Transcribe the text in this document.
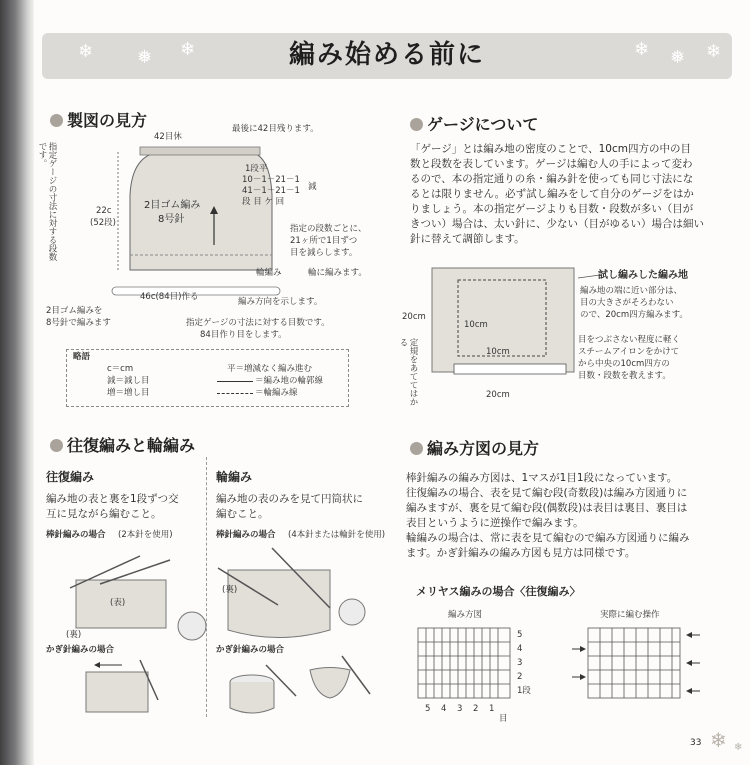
❄ ❅ ❄	❄ ❅ ❄
編み始める前に
製図の見方
42目休
最後に42目残ります。
1段平
10－1－21－1
41－1－21－1
段 目 ケ 回
減
指定ゲージの寸法に対する段数です。
22c
(52段)
2目ゴム編み
8号針
指定の段数ごとに、
21ヶ所で1目ずつ
目を減らします。
輪編み	輪に編みます。
46c(84目)作る	編み方向を示します。
2目ゴム編みを
8号針で編みます	指定ゲージの寸法に対する目数です。
84目作り目をします。
略語
c＝cm
減＝減し目
増＝増し目
平＝増減なく編み進む
＝編み地の輪郭線
＝輪編み線
ゲージについて
「ゲージ」とは編み地の密度のことで、10cm四方の中の目
数と段数を表しています。ゲージは編む人の手によって変わ
るので、本の指定通りの糸・編み針を使っても同じ寸法にな
るとは限りません。必ず試し編みをして自分のゲージをはか
りましょう。本の指定ゲージよりも目数・段数が多い（目が
きつい）場合は、太い針に、少ない（目がゆるい）場合は細い
針に替えて調節します。
試し編みした編み地
編み地の端に近い部分は、
目の大きさがそろわない
ので、20cm四方編みます。
目をつぶさない程度に軽く
スチームアイロンをかけて
から中央の10cm四方の
目数・段数を教えます。
20cm
10cm
10cm
20cm
定規をあててはかる
往復編みと輪編み
往復編み
編み地の表と裏を1段ずつ交
互に見ながら編むこと。
棒針編みの場合 (2本針を使用)
輪編み
編み地の表のみを見て円筒状に
編むこと。
棒針編みの場合 (4本針または輪針を使用)
(表)
(裏)
かぎ針編みの場合
(裏)
かぎ針編みの場合
編み方図の見方
棒針編みの編み方図は、1マスが1目1段になっています。
往復編みの場合、表を見て編む段(奇数段)は編み方図通りに
編みますが、裏を見て編む段(偶数段)は表目は裏目、裏目は
表目というように逆操作で編みます。
輪編みの場合は、常に表を見て編むので編み方図通りに編み
ます。かぎ針編みの編み方図も見方は同様です。
メリヤス編みの場合〈往復編み〉
編み方図	実際に編む操作
5
4
3
2
1段
5 4 3 2 1
目
33 ❄ ❄
